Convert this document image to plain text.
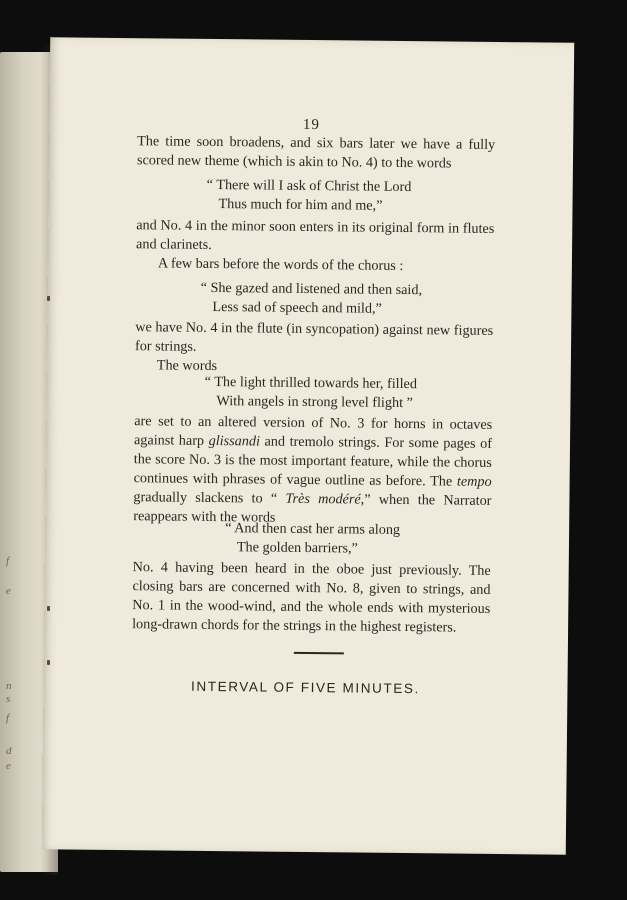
f
e
n
s
f
d
e
19

The time soon broadens, and six bars later we have a fully scored new theme (which is akin to No. 4) to the words

“ There will I ask of Christ the Lord
Thus much for him and me,”

and No. 4 in the minor soon enters in its original form in flutes and clarinets.

A few bars before the words of the chorus :

“ She gazed and listened and then said,
Less sad of speech and mild,”

we have No. 4 in the flute (in syncopation) against new figures for strings.

The words

“ The light thrilled towards her, filled
With angels in strong level flight ”

are set to an altered version of No. 3 for horns in octaves against harp glissandi and tremolo strings. For some pages of the score No. 3 is the most important feature, while the chorus continues with phrases of vague outline as before. The tempo gradually slackens to “ Très modéré,” when the Narrator reappears with the words

“ And then cast her arms along
The golden barriers,”

No. 4 having been heard in the oboe just previously. The closing bars are concerned with No. 8, given to strings, and No. 1 in the wood-wind, and the whole ends with mysterious long-drawn chords for the strings in the highest registers.

INTERVAL OF FIVE MINUTES.
